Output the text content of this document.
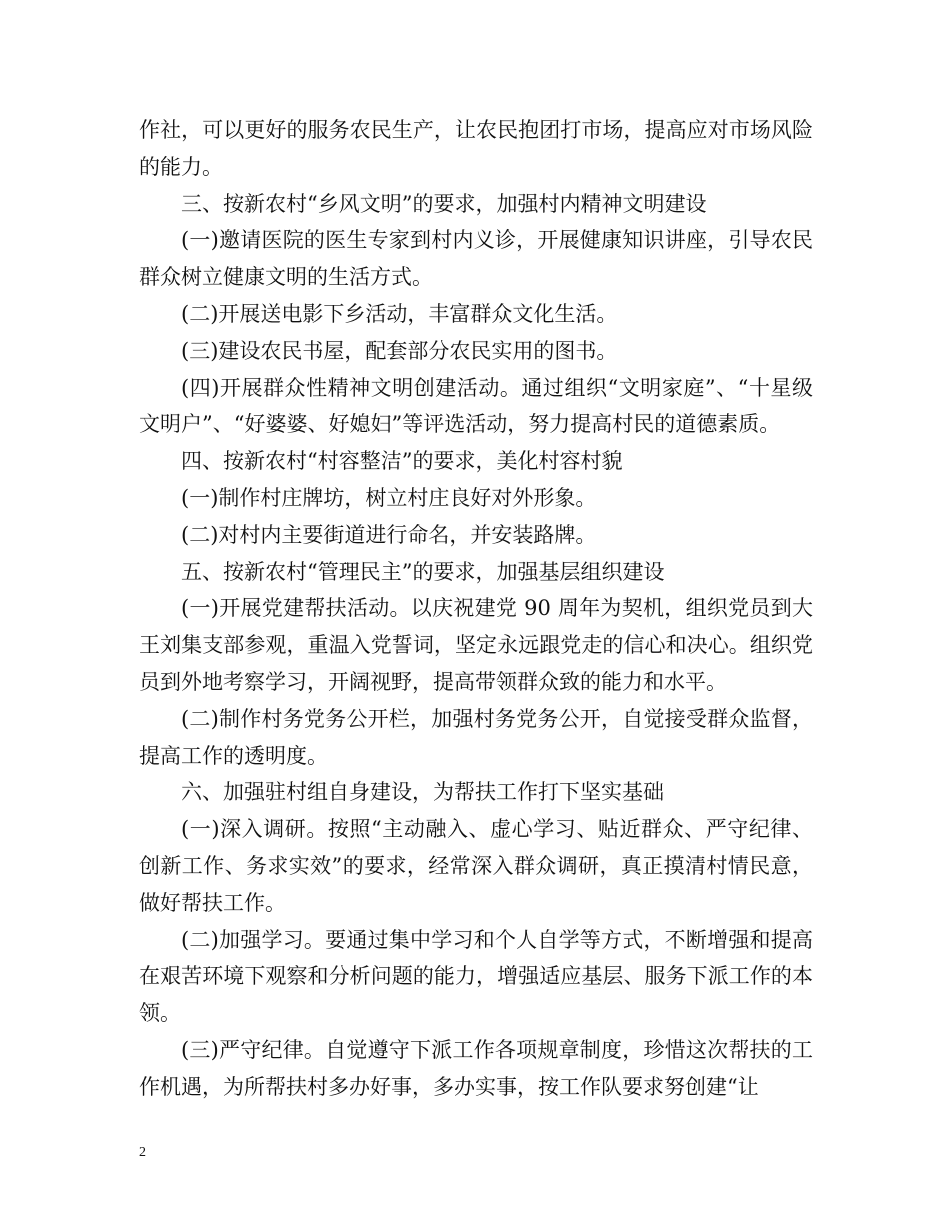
作社，可以更好的服务农民生产，让农民抱团打市场，提高应对市场风险的能力。

三、按新农村“乡风文明”的要求，加强村内精神文明建设

(一)邀请医院的医生专家到村内义诊，开展健康知识讲座，引导农民群众树立健康文明的生活方式。

(二)开展送电影下乡活动，丰富群众文化生活。

(三)建设农民书屋，配套部分农民实用的图书。

(四)开展群众性精神文明创建活动。通过组织“文明家庭”、“十星级文明户”、“好婆婆、好媳妇”等评选活动，努力提高村民的道德素质。

四、按新农村“村容整洁”的要求，美化村容村貌

(一)制作村庄牌坊，树立村庄良好对外形象。

(二)对村内主要街道进行命名，并安装路牌。

五、按新农村“管理民主”的要求，加强基层组织建设

(一)开展党建帮扶活动。以庆祝建党 90 周年为契机，组织党员到大王刘集支部参观，重温入党誓词，坚定永远跟党走的信心和决心。组织党员到外地考察学习，开阔视野，提高带领群众致的能力和水平。

(二)制作村务党务公开栏，加强村务党务公开，自觉接受群众监督，提高工作的透明度。

六、加强驻村组自身建设，为帮扶工作打下坚实基础

(一)深入调研。按照“主动融入、虚心学习、贴近群众、严守纪律、创新工作、务求实效”的要求，经常深入群众调研，真正摸清村情民意，做好帮扶工作。

(二)加强学习。要通过集中学习和个人自学等方式，不断增强和提高在艰苦环境下观察和分析问题的能力，增强适应基层、服务下派工作的本领。

(三)严守纪律。自觉遵守下派工作各项规章制度，珍惜这次帮扶的工作机遇，为所帮扶村多办好事，多办实事，按工作队要求努创建“让

2
